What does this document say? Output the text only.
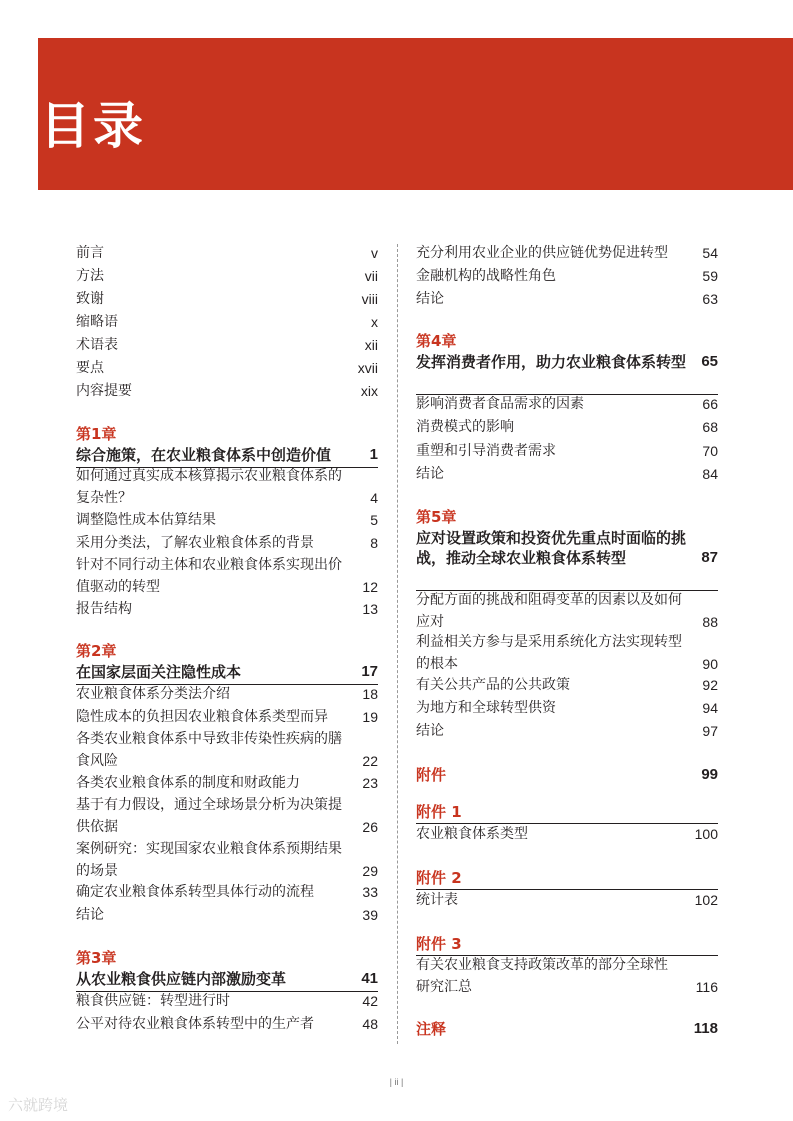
目录
前言	v
方法	vii
致谢	viii
缩略语	x
术语表	xii
要点	xvii
内容提要	xix
第1章
综合施策，在农业粮食体系中创造价值	1
如何通过真实成本核算揭示农业粮食体系的复杂性？	4
调整隐性成本估算结果	5
采用分类法，了解农业粮食体系的背景	8
针对不同行动主体和农业粮食体系实现出价值驱动的转型	12
报告结构	13
第2章
在国家层面关注隐性成本	17
农业粮食体系分类法介绍	18
隐性成本的负担因农业粮食体系类型而异	19
各类农业粮食体系中导致非传染性疾病的膳食风险	22
各类农业粮食体系的制度和财政能力	23
基于有力假设，通过全球场景分析为决策提供依据	26
案例研究：实现国家农业粮食体系预期结果的场景	29
确定农业粮食体系转型具体行动的流程	33
结论	39
第3章
从农业粮食供应链内部激励变革	41
粮食供应链：转型进行时	42
公平对待农业粮食体系转型中的生产者	48
充分利用农业企业的供应链优势促进转型	54
金融机构的战略性角色	59
结论	63
第4章
发挥消费者作用，助力农业粮食体系转型	65
影响消费者食品需求的因素	66
消费模式的影响	68
重塑和引导消费者需求	70
结论	84
第5章
应对设置政策和投资优先重点时面临的挑战，推动全球农业粮食体系转型	87
分配方面的挑战和阻碍变革的因素以及如何应对	88
利益相关方参与是采用系统化方法实现转型的根本	90
有关公共产品的公共政策	92
为地方和全球转型供资	94
结论	97
附件	99
附件 1
农业粮食体系类型	100
附件 2
统计表	102
附件 3
有关农业粮食支持政策改革的部分全球性研究汇总	116
注释	118
| ii |
六就跨境
